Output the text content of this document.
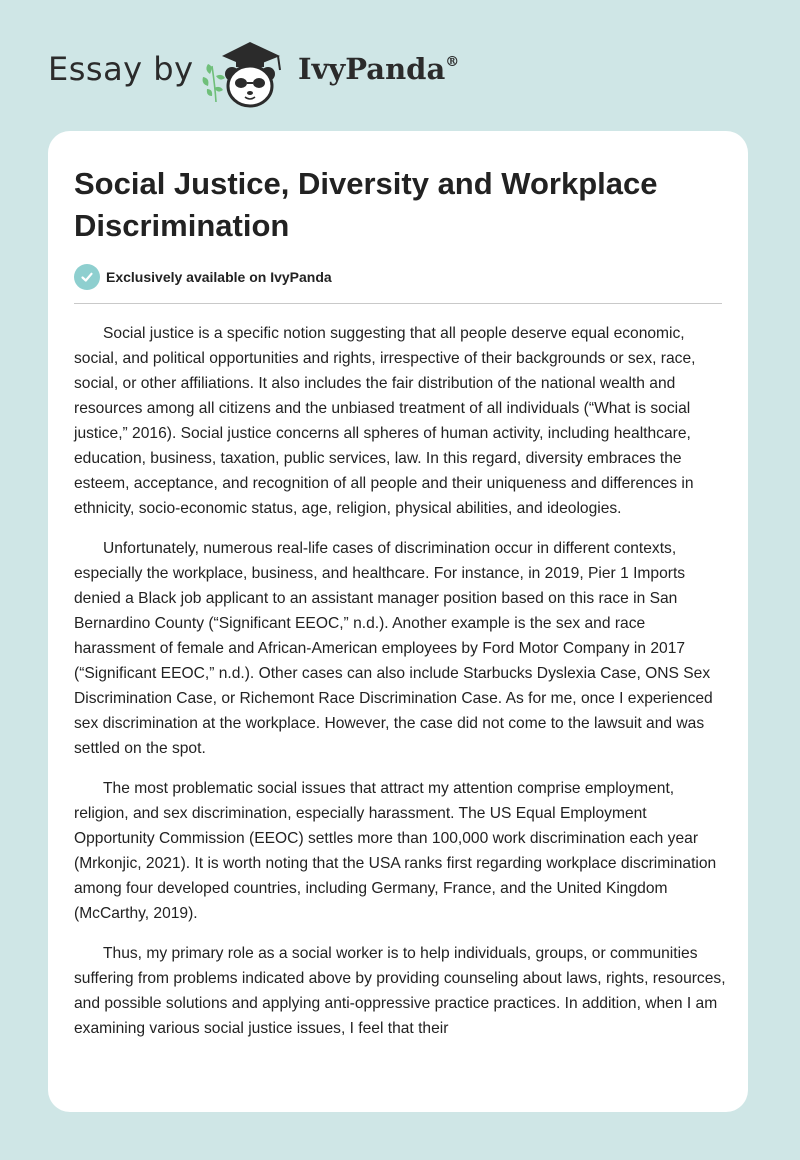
Essay by	IvyPanda®
Social Justice, Diversity and Workplace Discrimination
Exclusively available on IvyPanda

Social justice is a specific notion suggesting that all people deserve equal economic, social, and political opportunities and rights, irrespective of their backgrounds or sex, race, social, or other affiliations. It also includes the fair distribution of the national wealth and resources among all citizens and the unbiased treatment of all individuals (“What is social justice,” 2016). Social justice concerns all spheres of human activity, including healthcare, education, business, taxation, public services, law. In this regard, diversity embraces the esteem, acceptance, and recognition of all people and their uniqueness and differences in ethnicity, socio-economic status, age, religion, physical abilities, and ideologies.

Unfortunately, numerous real-life cases of discrimination occur in different contexts, especially the workplace, business, and healthcare. For instance, in 2019, Pier 1 Imports denied a Black job applicant to an assistant manager position based on this race in San Bernardino County (“Significant EEOC,” n.d.). Another example is the sex and race harassment of female and African-American employees by Ford Motor Company in 2017 (“Significant EEOC,” n.d.). Other cases can also include Starbucks Dyslexia Case, ONS Sex Discrimination Case, or Richemont Race Discrimination Case. As for me, once I experienced sex discrimination at the workplace. However, the case did not come to the lawsuit and was settled on the spot.

The most problematic social issues that attract my attention comprise employment, religion, and sex discrimination, especially harassment. The US Equal Employment Opportunity Commission (EEOC) settles more than 100,000 work discrimination each year (Mrkonjic, 2021). It is worth noting that the USA ranks first regarding workplace discrimination among four developed countries, including Germany, France, and the United Kingdom (McCarthy, 2019).

Thus, my primary role as a social worker is to help individuals, groups, or communities suffering from problems indicated above by providing counseling about laws, rights, resources, and possible solutions and applying anti-oppressive practice practices. In addition, when I am examining various social justice issues, I feel that their
